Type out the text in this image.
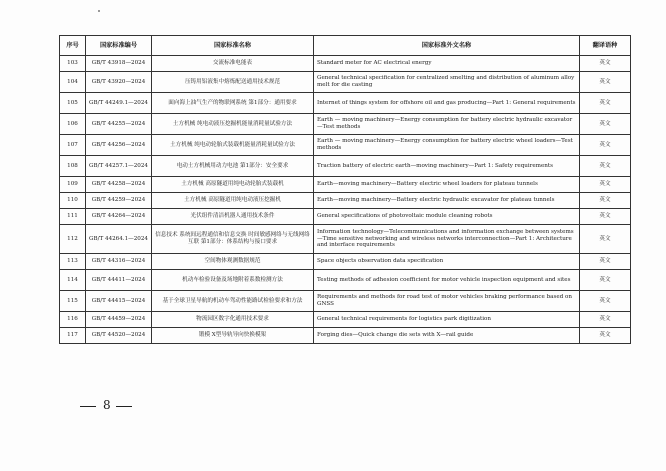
序号	国家标准编号	国家标准名称	国家标准外文名称	翻译语种
103	GB/T 43918—2024	交流标准电能表	Standard meter for AC electrical energy	英文
104	GB/T 43920—2024	压铸用铝液集中熔炼配送通用技术规范	General technical specification for centralized smelting and distribution of aluminum alloy melt for die casting	英文
105	GB/T 44249.1—2024	面向海上油气生产的物联网系统 第1部分：通用要求	Internet of things system for offshore oil and gas producing—Part 1: General requirements	英文
106	GB/T 44255—2024	土方机械 纯电动液压挖掘机能量消耗量试验方法	Earth — moving machinery—Energy consumption for battery electric hydraulic excavator—Test methods	英文
107	GB/T 44256—2024	土方机械 纯电动轮胎式装载机能量消耗量试验方法	Earth — moving machinery—Energy consumption for battery electric wheel loaders—Test methods	英文
108	GB/T 44257.1—2024	电动土方机械用动力电池 第1部分：安全要求	Traction battery of electric earth—moving machinery—Part 1: Safety requirements	英文
109	GB/T 44258—2024	土方机械 高原隧道用纯电动轮胎式装载机	Earth—moving machinery—Battery electric wheel loaders for plateau tunnels	英文
110	GB/T 44259—2024	土方机械 高原隧道用纯电动液压挖掘机	Earth—moving machinery—Battery electric hydraulic excavator for plateau tunnels	英文
111	GB/T 44264—2024	光伏组件清洁机器人通用技术条件	General specifications of photovoltaic module cleaning robots	英文
112	GB/T 44264.1—2024	信息技术 系统间远程通信和信息交换 时间敏感网络与无线网络互联 第1部分：体系结构与接口要求	Information technology—Telecommunications and information exchange between systems—Time sensitive networking and wireless networks interconnection—Part 1: Architecture and interface requirements	英文
113	GB/T 44316—2024	空间物体观测数据规范	Space objects observation data specification	英文
114	GB/T 44411—2024	机动车检验设备及场地附着系数检测方法	Testing methods of adhesion coefficient for motor vehicle inspection equipment and sites	英文
115	GB/T 44415—2024	基于全球卫星导航的机动车驾动性能路试检验要求和方法	Requirements and methods for road test of motor vehicles braking performance based on GNSS	英文
116	GB/T 44459—2024	物流园区数字化通用技术要求	General technical requirements for logistics park digitization	英文
117	GB/T 44520—2024	锻模 X型导轨导向快换模架	Forging dies—Quick change die sets with X—rail guide	英文
8
